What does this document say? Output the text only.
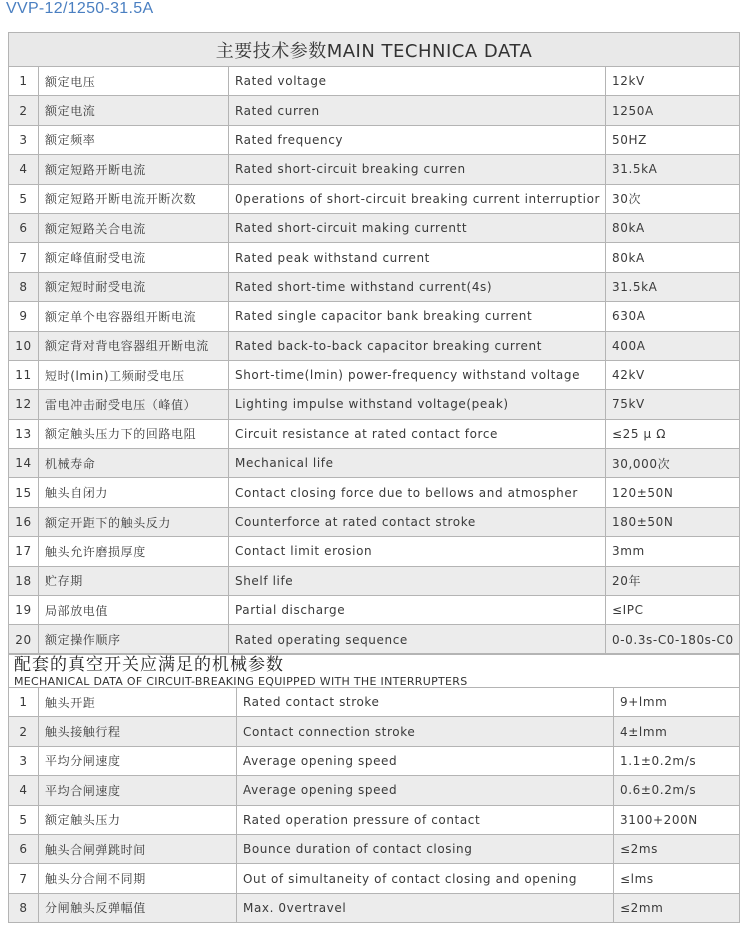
VVP-12/1250-31.5A
主要技术参数MAIN TECHNICA DATA			
1	额定电压	Rated voltage	12kV
2	额定电流	Rated curren	1250A
3	额定频率	Rated frequency	50HZ
4	额定短路开断电流	Rated short-circuit breaking curren	31.5kA
5	额定短路开断电流开断次数	0perations of short-circuit breaking current interruptior	30次
6	额定短路关合电流	Rated short-circuit making currentt	80kA
7	额定峰值耐受电流	Rated peak withstand current	80kA
8	额定短时耐受电流	Rated short-time withstand current(4s)	31.5kA
9	额定单个电容器组开断电流	Rated single capacitor bank breaking current	630A
10	额定背对背电容器组开断电流	Rated back-to-back capacitor breaking current	400A
11	短时(lmin)工频耐受电压	Short-time(lmin) power-frequency withstand voltage	42kV
12	雷电冲击耐受电压（峰值）	Lighting impulse withstand voltage(peak)	75kV
13	额定触头压力下的回路电阻	Circuit resistance at rated contact force	≤25 μ Ω
14	机械寿命	Mechanical life	30,000次
15	触头自闭力	Contact closing force due to bellows and atmospher	120±50N
16	额定开距下的触头反力	Counterforce at rated contact stroke	180±50N
17	触头允许磨损厚度	Contact limit erosion	3mm
18	贮存期	Shelf life	20年
19	局部放电值	Partial discharge	≤IPC
20	额定操作顺序	Rated operating sequence	0-0.3s-C0-180s-C0

1	触头开距	Rated contact stroke	9+lmm
2	触头接触行程	Contact connection stroke	4±lmm
3	平均分闸速度	Average opening speed	1.1±0.2m/s
4	平均合闸速度	Average opening speed	0.6±0.2m/s
5	额定触头压力	Rated operation pressure of contact	3100+200N
6	触头合闸弹跳时间	Bounce duration of contact closing	≤2ms
7	触头分合闸不同期	Out of simultaneity of contact closing and opening	≤lms
8	分闸触头反弹幅值	Max. 0vertravel	≤2mm
配套的真空开关应满足的机械参数
MECHANICAL DATA OF CIRCUIT-BREAKING EQUIPPED WITH THE INTERRUPTERS
